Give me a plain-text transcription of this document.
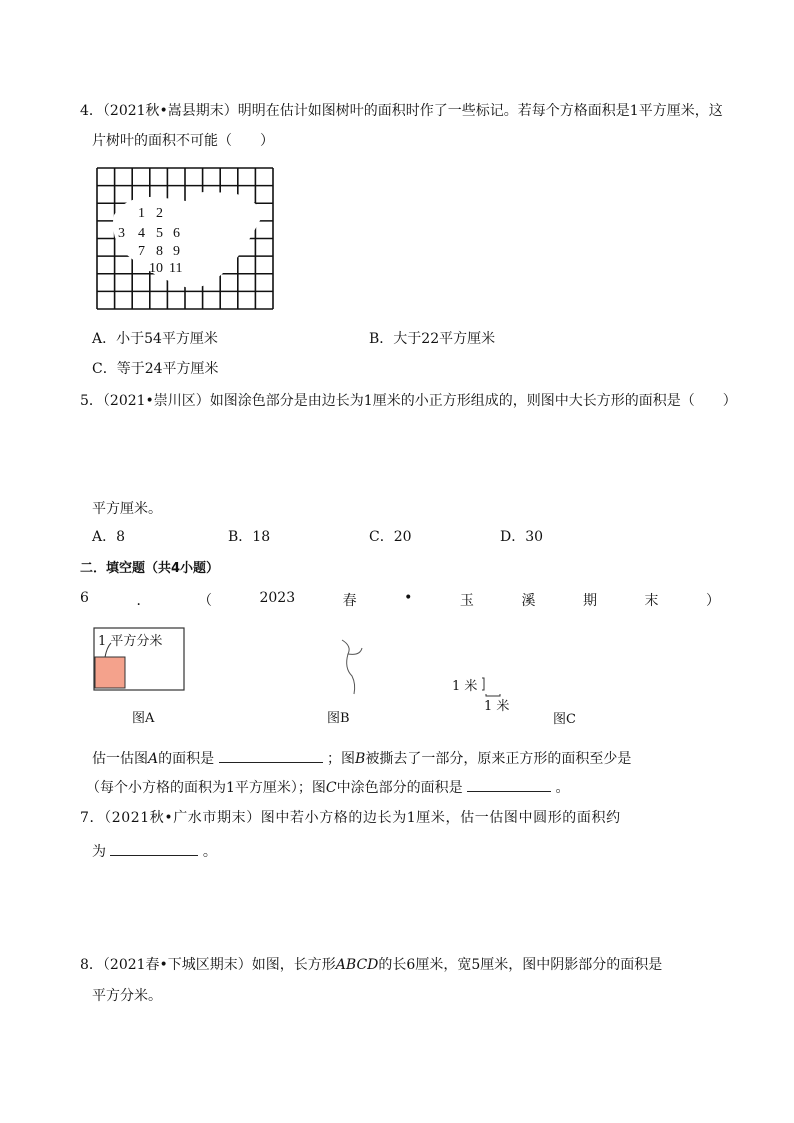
4．（2021秋•嵩县期末）明明在估计如图树叶的面积时作了一些标记。若每个方格面积是1平方厘米，这
片树叶的面积不可能（　　）
1 2
3 4 5 6
7 8 9
10 11
A．小于54平方厘米	B．大于22平方厘米
C．等于24平方厘米
5．（2021•崇川区）如图涂色部分是由边长为1厘米的小正方形组成的，则图中大长方形的面积是（　　）
平方厘米。
A．8	B．18	C．20	D．30
二．填空题（共4小题）
6	．	（	2023	春	•	玉	溪	期	末	）
1 平方分米
图A	图B
1 米
1 米
图C
估一估图A的面积是	；图B被撕去了一部分，原来正方形的面积至少是
（每个小方格的面积为1平方厘米）；图C中涂色部分的面积是	。
7．（2021秋•广水市期末）图中若小方格的边长为1厘米，估一估图中圆形的面积约
为	。
8．（2021春•下城区期末）如图，长方形ABCD的长6厘米，宽5厘米，图中阴影部分的面积是
平方分米。
